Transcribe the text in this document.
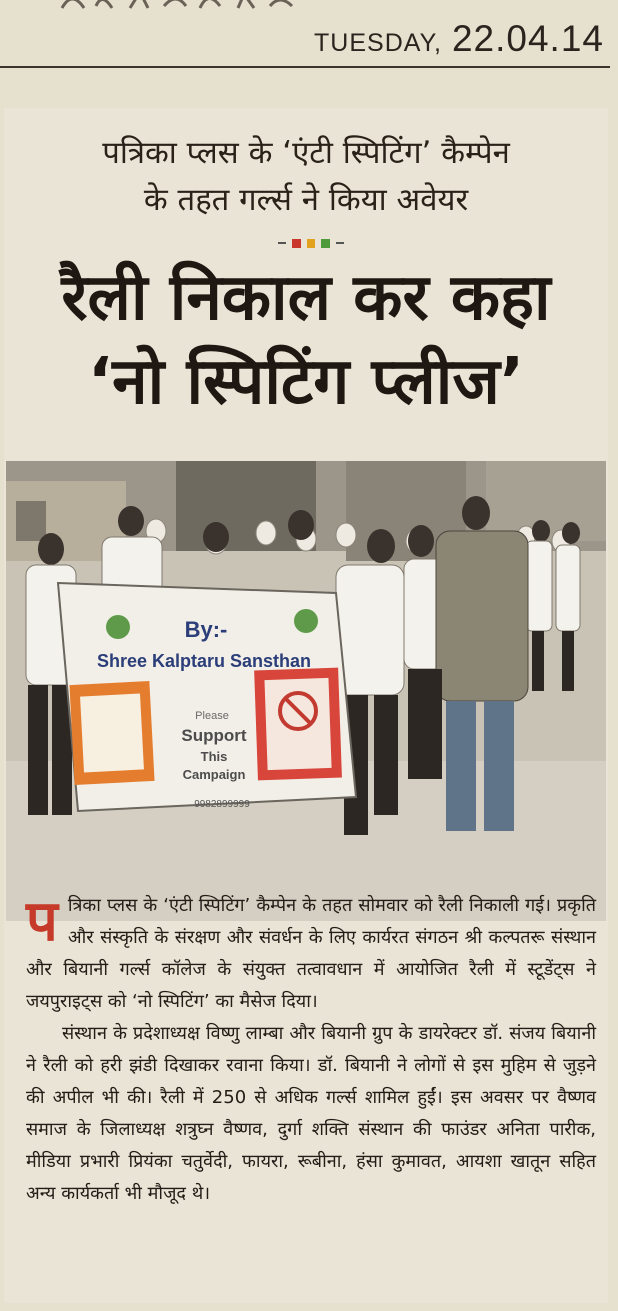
TUESDAY, 22.04.14
पत्रिका प्लस के ‘एंटी स्पिटिंग’ कैम्पेन
के तहत गर्ल्स ने किया अवेयर
रैली निकाल कर कहा
‘नो स्पिटिंग प्लीज’
By:-
Shree Kalptaru Sansthan
Please
Support
This
Campaign
9982899999

पत्रिका प्लस के ‘एंटी स्पिटिंग’ कैम्पेन के तहत सोमवार को रैली निकाली गई। प्रकृति और संस्कृति के संरक्षण और संवर्धन के लिए कार्यरत संगठन श्री कल्पतरू संस्थान और बियानी गर्ल्स कॉलेज के संयुक्त तत्वावधान में आयोजित रैली में स्टूडेंट्स ने जयपुराइट्स को ‘नो स्पिटिंग’ का मैसेज दिया।

संस्थान के प्रदेशाध्यक्ष विष्णु लाम्बा और बियानी ग्रुप के डायरेक्टर डॉ. संजय बियानी ने रैली को हरी झंडी दिखाकर रवाना किया। डॉ. बियानी ने लोगों से इस मुहिम से जुड़ने की अपील भी की। रैली में 250 से अधिक गर्ल्स शामिल हुईं। इस अवसर पर वैष्णव समाज के जिलाध्यक्ष शत्रुघ्न वैष्णव, दुर्गा शक्ति संस्थान की फाउंडर अनिता पारीक, मीडिया प्रभारी प्रियंका चतुर्वेदी, फायरा, रूबीना, हंसा कुमावत, आयशा खातून सहित अन्य कार्यकर्ता भी मौजूद थे।
